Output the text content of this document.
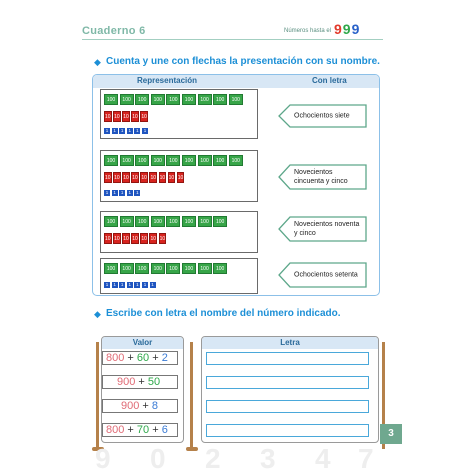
Cuaderno 6	Números hasta el 999
◆ Cuenta y une con flechas la presentación con su nombre.
Representación	Con letra
100	100	100	100	100	100	100	100	100
10 10 10 10 10
1	1	1	1	1	1
100	100	100	100	100	100	100	100	100
10 10 10 10 10 10 10 10 10
1	1	1	1	1
100	100	100	100	100	100	100	100
10 10 10 10 10 10 10
100	100	100	100	100	100	100	100
1	1	1	1	1	1	1
Ochocientos siete
Novecientos cincuenta y cinco
Novecientos noventa y cinco
Ochocientos setenta
◆ Escribe con letra el nombre del número indicado.
Valor	Letra
800 + 60 + 2
900 + 50
900 + 8
800 + 70 + 6	3
9 0 2 3 4 7
